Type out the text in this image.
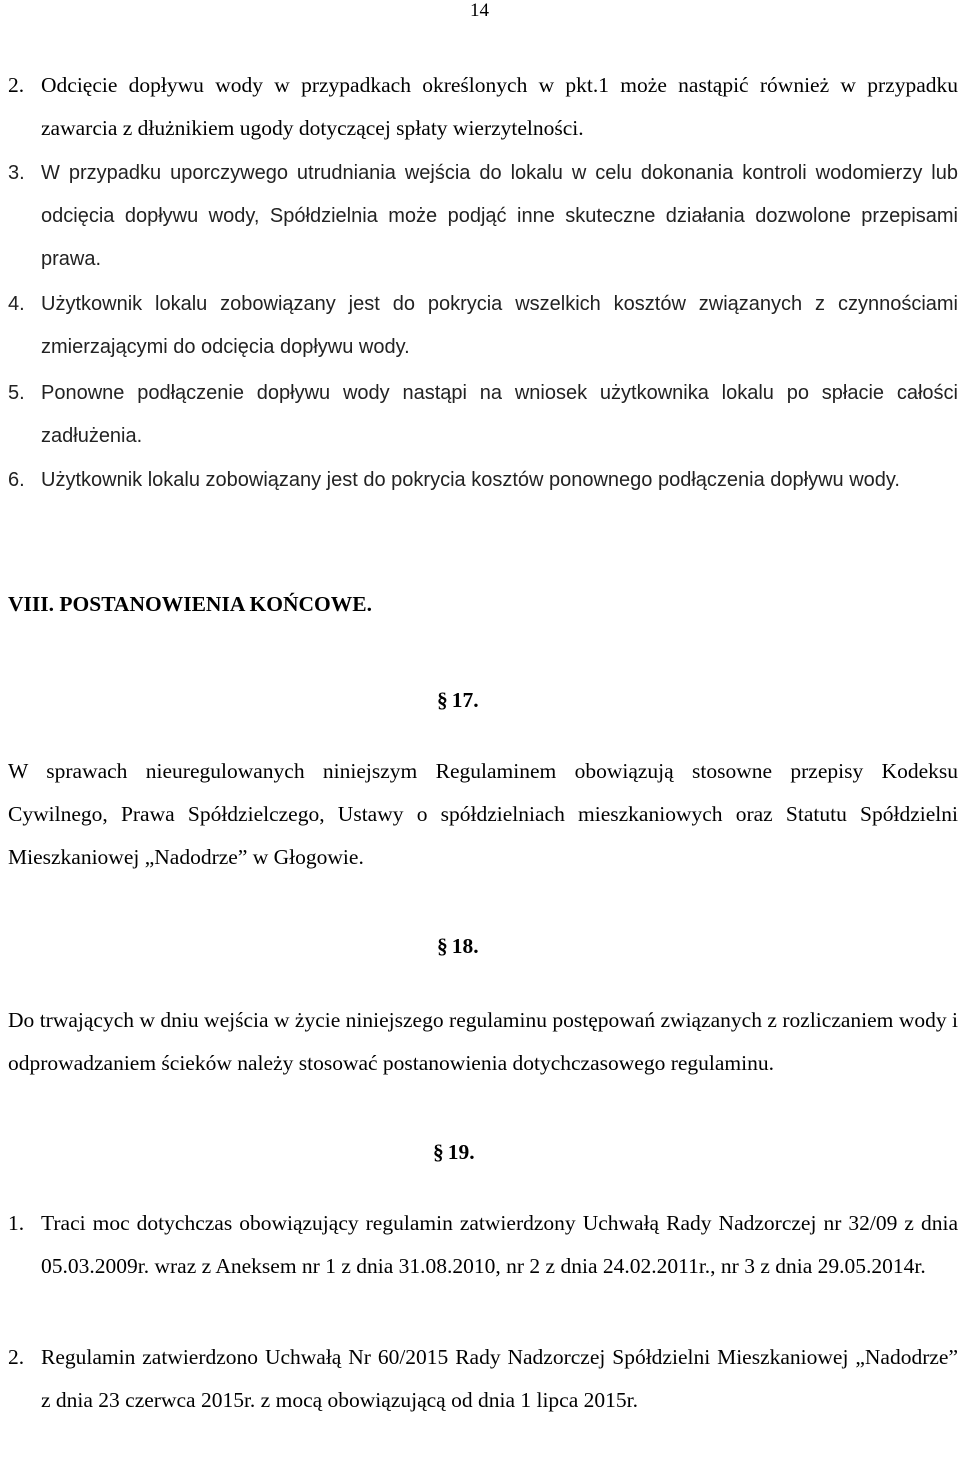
14
2. Odcięcie dopływu wody w przypadkach określonych w pkt.1 może nastąpić również w przypadku zawarcia z dłużnikiem ugody dotyczącej spłaty wierzytelności.
3. W przypadku uporczywego utrudniania wejścia do lokalu w celu dokonania kontroli wodomierzy lub odcięcia dopływu wody, Spółdzielnia może podjąć inne skuteczne działania dozwolone przepisami prawa.
4. Użytkownik lokalu zobowiązany jest do pokrycia wszelkich kosztów związanych z czynnościami zmierzającymi do odcięcia dopływu wody.
5. Ponowne podłączenie dopływu wody nastąpi na wniosek użytkownika lokalu po spłacie całości zadłużenia.
6. Użytkownik lokalu zobowiązany jest do pokrycia kosztów ponownego podłączenia dopływu wody.
VIII. POSTANOWIENIA KOŃCOWE.
§ 17.
W sprawach nieuregulowanych niniejszym Regulaminem obowiązują stosowne przepisy Kodeksu Cywilnego, Prawa Spółdzielczego, Ustawy o spółdzielniach mieszkaniowych oraz Statutu Spółdzielni Mieszkaniowej „Nadodrze” w Głogowie.
§ 18.
Do trwających w dniu wejścia w życie niniejszego regulaminu postępowań związanych z rozliczaniem wody i odprowadzaniem ścieków należy stosować postanowienia dotychczasowego regulaminu.
§ 19.
1. Traci moc dotychczas obowiązujący regulamin zatwierdzony Uchwałą Rady Nadzorczej nr 32/09 z dnia 05.03.2009r. wraz z Aneksem nr 1 z dnia 31.08.2010, nr 2 z dnia 24.02.2011r., nr 3 z dnia 29.05.2014r.
2. Regulamin zatwierdzono Uchwałą Nr 60/2015 Rady Nadzorczej Spółdzielni Mieszkaniowej „Nadodrze” z dnia 23 czerwca 2015r. z mocą obowiązującą od dnia 1 lipca 2015r.
